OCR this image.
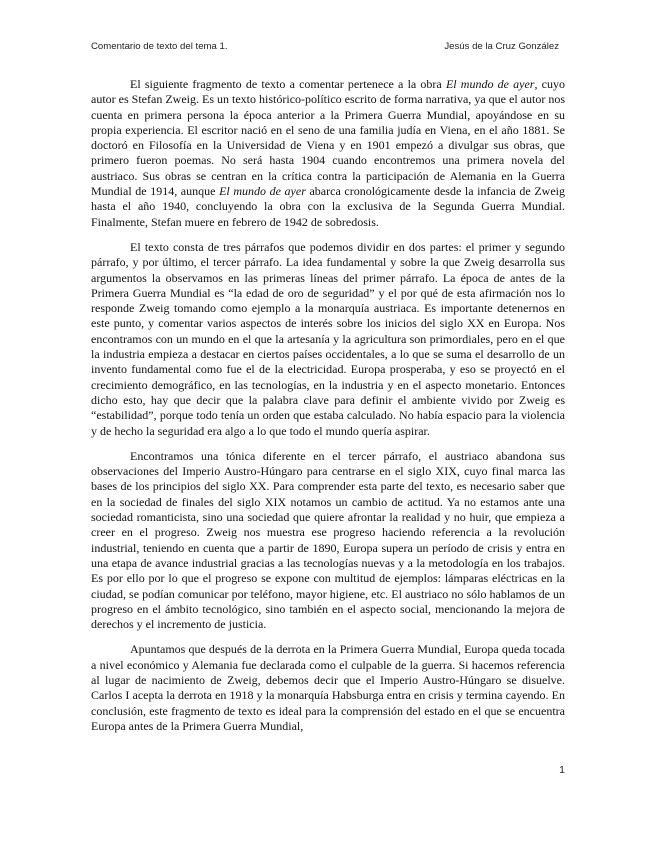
Comentario de texto del tema 1.	Jesús de la Cruz González

El siguiente fragmento de texto a comentar pertenece a la obra El mundo de ayer, cuyo autor es Stefan Zweig. Es un texto histórico-político escrito de forma narrativa, ya que el autor nos cuenta en primera persona la época anterior a la Primera Guerra Mundial, apoyándose en su propia experiencia. El escritor nació en el seno de una familia judía en Viena, en el año 1881. Se doctoró en Filosofía en la Universidad de Viena y en 1901 empezó a divulgar sus obras, que primero fueron poemas. No será hasta 1904 cuando encontremos una primera novela del austriaco. Sus obras se centran en la crítica contra la participación de Alemania en la Guerra Mundial de 1914, aunque El mundo de ayer abarca cronológicamente desde la infancia de Zweig hasta el año 1940, concluyendo la obra con la exclusiva de la Segunda Guerra Mundial. Finalmente, Stefan muere en febrero de 1942 de sobredosis.

El texto consta de tres párrafos que podemos dividir en dos partes: el primer y segundo párrafo, y por último, el tercer párrafo. La idea fundamental y sobre la que Zweig desarrolla sus argumentos la observamos en las primeras líneas del primer párrafo. La época de antes de la Primera Guerra Mundial es “la edad de oro de seguridad” y el por qué de esta afirmación nos lo responde Zweig tomando como ejemplo a la monarquía austriaca. Es importante detenernos en este punto, y comentar varios aspectos de interés sobre los inicios del siglo XX en Europa. Nos encontramos con un mundo en el que la artesanía y la agricultura son primordiales, pero en el que la industria empieza a destacar en ciertos países occidentales, a lo que se suma el desarrollo de un invento fundamental como fue el de la electricidad. Europa prosperaba, y eso se proyectó en el crecimiento demográfico, en las tecnologías, en la industria y en el aspecto monetario. Entonces dicho esto, hay que decir que la palabra clave para definir el ambiente vivido por Zweig es “estabilidad”, porque todo tenía un orden que estaba calculado. No había espacio para la violencia y de hecho la seguridad era algo a lo que todo el mundo quería aspirar.

Encontramos una tónica diferente en el tercer párrafo, el austriaco abandona sus observaciones del Imperio Austro-Húngaro para centrarse en el siglo XIX, cuyo final marca las bases de los principios del siglo XX. Para comprender esta parte del texto, es necesario saber que en la sociedad de finales del siglo XIX notamos un cambio de actitud. Ya no estamos ante una sociedad romanticista, sino una sociedad que quiere afrontar la realidad y no huir, que empieza a creer en el progreso. Zweig nos muestra ese progreso haciendo referencia a la revolución industrial, teniendo en cuenta que a partir de 1890, Europa supera un período de crisis y entra en una etapa de avance industrial gracias a las tecnologías nuevas y a la metodología en los trabajos. Es por ello por lo que el progreso se expone con multitud de ejemplos: lámparas eléctricas en la ciudad, se podían comunicar por teléfono, mayor higiene, etc. El austriaco no sólo hablamos de un progreso en el ámbito tecnológico, sino también en el aspecto social, mencionando la mejora de derechos y el incremento de justicia.

Apuntamos que después de la derrota en la Primera Guerra Mundial, Europa queda tocada a nivel económico y Alemania fue declarada como el culpable de la guerra. Si hacemos referencia al lugar de nacimiento de Zweig, debemos decir que el Imperio Austro-Húngaro se disuelve. Carlos I acepta la derrota en 1918 y la monarquía Habsburga entra en crisis y termina cayendo. En conclusión, este fragmento de texto es ideal para la comprensión del estado en el que se encuentra Europa antes de la Primera Guerra Mundial,

1
